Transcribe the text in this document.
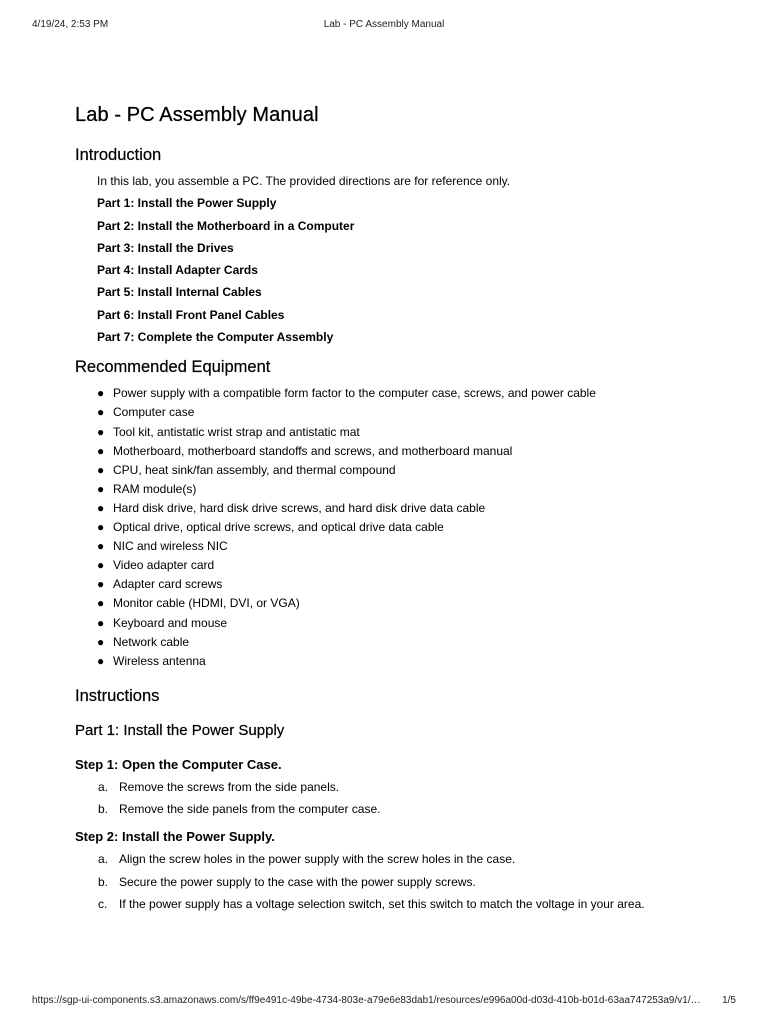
4/19/24, 2:53 PM	Lab - PC Assembly Manual
Lab - PC Assembly Manual
Introduction
In this lab, you assemble a PC. The provided directions are for reference only.
Part 1: Install the Power Supply
Part 2: Install the Motherboard in a Computer
Part 3: Install the Drives
Part 4: Install Adapter Cards
Part 5: Install Internal Cables
Part 6: Install Front Panel Cables
Part 7: Complete the Computer Assembly
Recommended Equipment
● Power supply with a compatible form factor to the computer case, screws, and power cable
● Computer case
● Tool kit, antistatic wrist strap and antistatic mat
● Motherboard, motherboard standoffs and screws, and motherboard manual
● CPU, heat sink/fan assembly, and thermal compound
● RAM module(s)
● Hard disk drive, hard disk drive screws, and hard disk drive data cable
● Optical drive, optical drive screws, and optical drive data cable
● NIC and wireless NIC
● Video adapter card
● Adapter card screws
● Monitor cable (HDMI, DVI, or VGA)
● Keyboard and mouse
● Network cable
● Wireless antenna
Instructions
Part 1: Install the Power Supply
Step 1: Open the Computer Case.
a. Remove the screws from the side panels.
b. Remove the side panels from the computer case.
Step 2: Install the Power Supply.
a. Align the screw holes in the power supply with the screw holes in the case.
b. Secure the power supply to the case with the power supply screws.
c. If the power supply has a voltage selection switch, set this switch to match the voltage in your area.
https://sgp-ui-components.s3.amazonaws.com/s/ff9e491c-49be-4734-803e-a79e6e83dab1/resources/e996a00d-d03d-410b-b01d-63aa747253a9/v1/…	1/5
